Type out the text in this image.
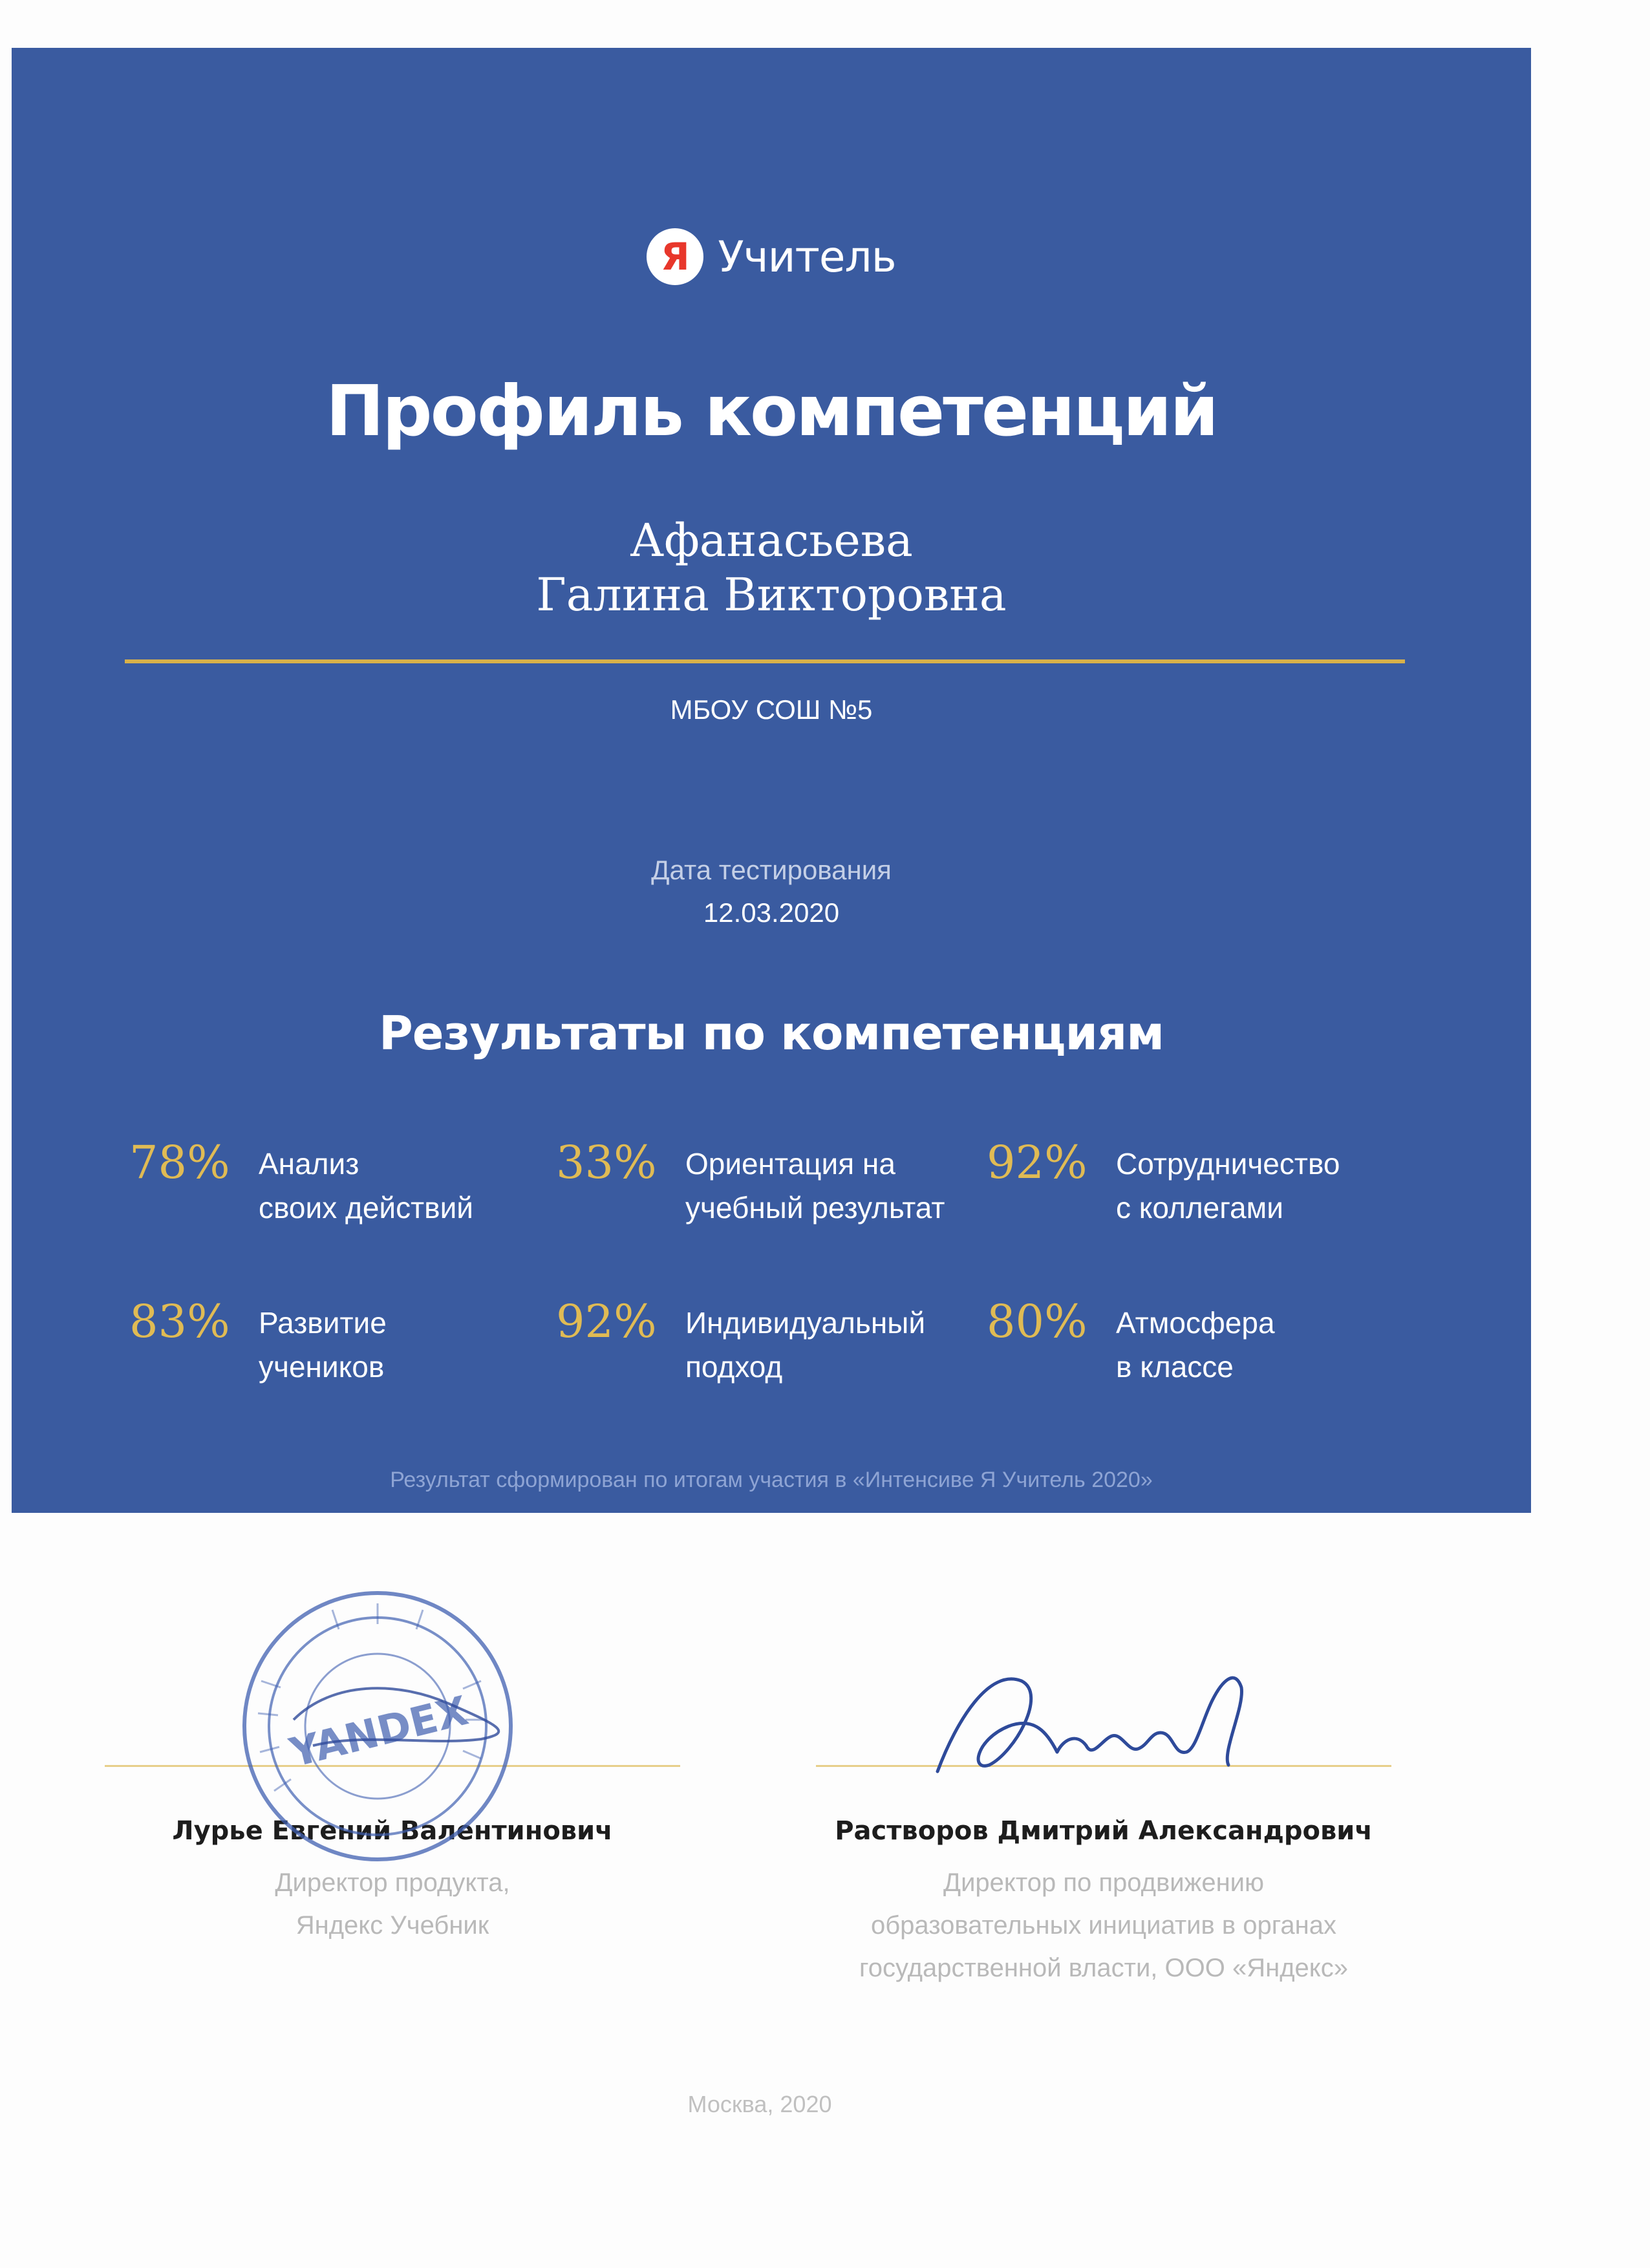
Я Учитель
Профиль компетенций
Афанасьева
Галина Викторовна
МБОУ СОШ №5
Дата тестирования
12.03.2020
Результаты по компетенциям
78% Анализ
своих действий
33% Ориентация на
учебный результат
92% Сотрудничество
с коллегами
83% Развитие
учеников
92% Индивидуальный
подход
80% Атмосфера
в классе
Результат сформирован по итогам участия в «Интенсиве Я Учитель 2020»
Лурье Евгений Валентинович
Директор продукта,
Яндекс Учебник
Растворов Дмитрий Александрович
Директор по продвижению
образовательных инициатив в органах
государственной власти, ООО «Яндекс»
YANDEX
Москва, 2020
